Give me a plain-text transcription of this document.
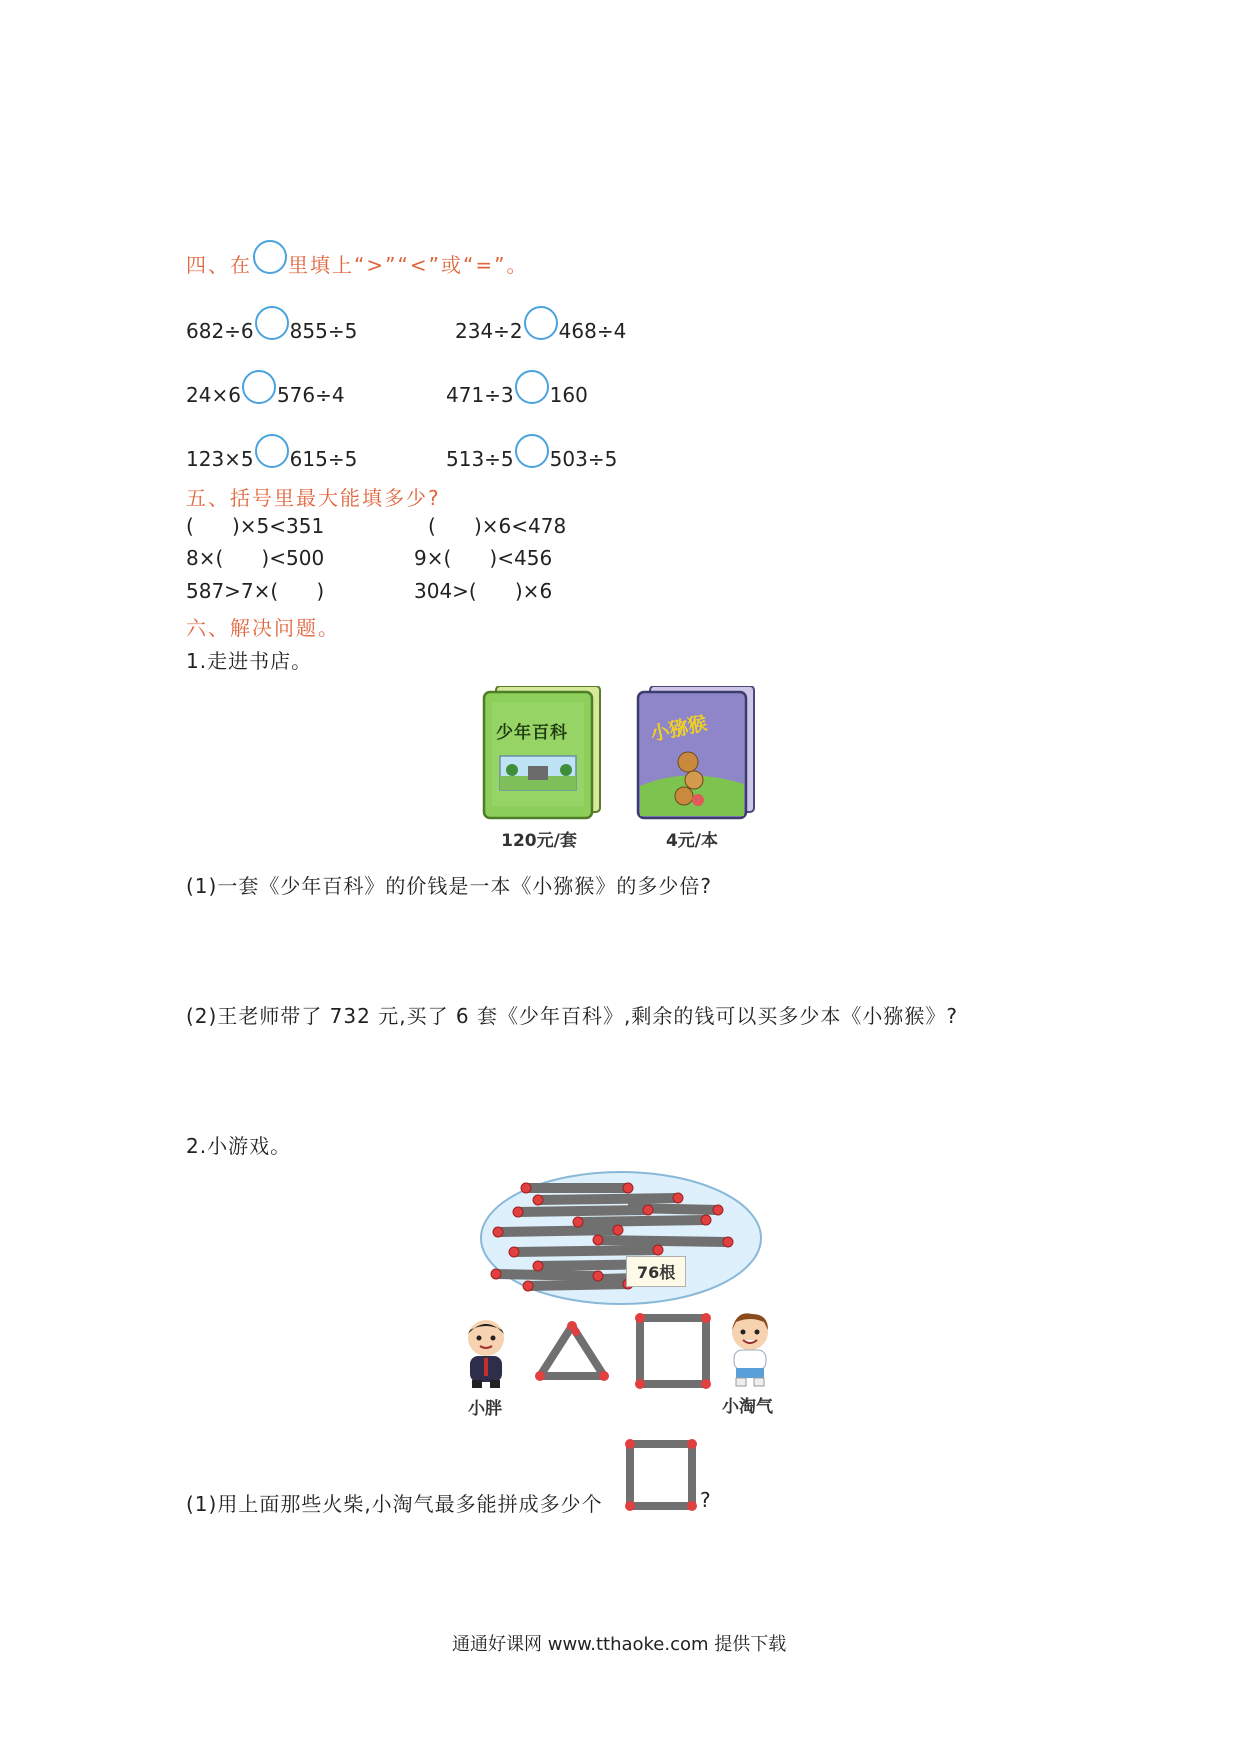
四、在 里填上“>”“<”或“=”。
682÷6 855÷5	234÷2 468÷4
24×6 576÷4	471÷3 160
123×5 615÷5	513÷5 503÷5
五、括号里最大能填多少?
(      )×5<351	(      )×6<478
8×(      )<500	9×(      )<456
587>7×(      )	304>(      )×6
六、解决问题。
1.走进书店。
少年百科
120元/套
小猕猴
4元/本
(1)一套《少年百科》的价钱是一本《小猕猴》的多少倍?
(2)王老师带了 732 元,买了 6 套《少年百科》,剩余的钱可以买多少本《小猕猴》?
2.小游戏。
76根
小胖	小淘气
(1)用上面那些火柴,小淘气最多能拼成多少个	?
通通好课网 www.tthaoke.com 提供下载
